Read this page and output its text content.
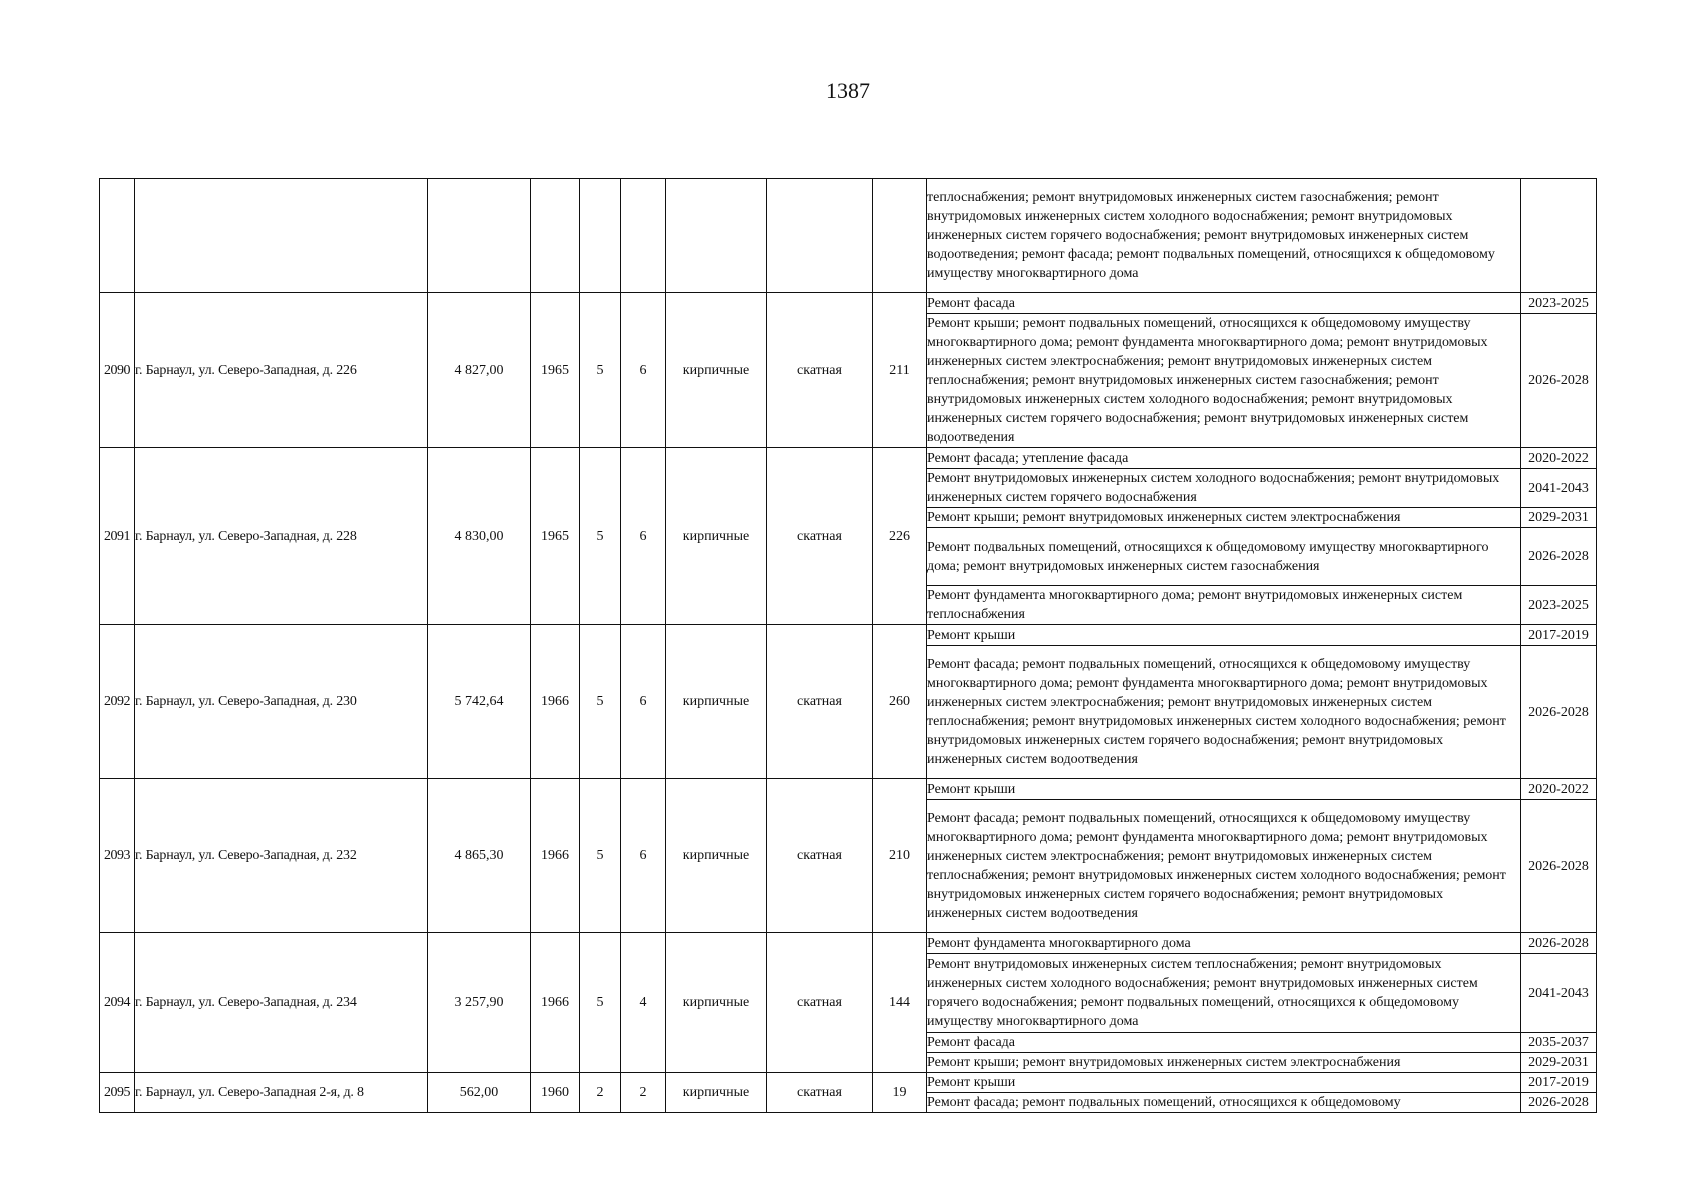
1387
									теплоснабжения; ремонт внутридомовых инженерных систем газоснабжения; ремонт внутридомовых инженерных систем холодного водоснабжения; ремонт внутридомовых инженерных систем горячего водоснабжения; ремонт внутридомовых инженерных систем водоотведения; ремонт фасада; ремонт подвальных помещений, относящихся к общедомовому имуществу многоквартирного дома	
2090	г. Барнаул, ул. Северо-Западная, д. 226	4 827,00	1965	5	6	кирпичные	скатная	211	Ремонт фасада	2023-2025
									Ремонт крыши; ремонт подвальных помещений, относящихся к общедомовому имуществу многоквартирного дома; ремонт фундамента многоквартирного дома; ремонт внутридомовых инженерных систем электроснабжения; ремонт внутридомовых инженерных систем теплоснабжения; ремонт внутридомовых инженерных систем газоснабжения; ремонт внутридомовых инженерных систем холодного водоснабжения; ремонт внутридомовых инженерных систем горячего водоснабжения; ремонт внутридомовых инженерных систем водоотведения	2026-2028
2091	г. Барнаул, ул. Северо-Западная, д. 228	4 830,00	1965	5	6	кирпичные	скатная	226	Ремонт фасада; утепление фасада	2020-2022
									Ремонт внутридомовых инженерных систем холодного водоснабжения; ремонт внутридомовых инженерных систем горячего водоснабжения	2041-2043
									Ремонт крыши; ремонт внутридомовых инженерных систем электроснабжения	2029-2031
									Ремонт подвальных помещений, относящихся к общедомовому имуществу многоквартирного дома; ремонт внутридомовых инженерных систем газоснабжения	2026-2028
									Ремонт фундамента многоквартирного дома; ремонт внутридомовых инженерных систем теплоснабжения	2023-2025
2092	г. Барнаул, ул. Северо-Западная, д. 230	5 742,64	1966	5	6	кирпичные	скатная	260	Ремонт крыши	2017-2019
									Ремонт фасада; ремонт подвальных помещений, относящихся к общедомовому имуществу многоквартирного дома; ремонт фундамента многоквартирного дома; ремонт внутридомовых инженерных систем электроснабжения; ремонт внутридомовых инженерных систем теплоснабжения; ремонт внутридомовых инженерных систем холодного водоснабжения; ремонт внутридомовых инженерных систем горячего водоснабжения; ремонт внутридомовых инженерных систем водоотведения	2026-2028
2093	г. Барнаул, ул. Северо-Западная, д. 232	4 865,30	1966	5	6	кирпичные	скатная	210	Ремонт крыши	2020-2022
									Ремонт фасада; ремонт подвальных помещений, относящихся к общедомовому имуществу многоквартирного дома; ремонт фундамента многоквартирного дома; ремонт внутридомовых инженерных систем электроснабжения; ремонт внутридомовых инженерных систем теплоснабжения; ремонт внутридомовых инженерных систем холодного водоснабжения; ремонт внутридомовых инженерных систем горячего водоснабжения; ремонт внутридомовых инженерных систем водоотведения	2026-2028
2094	г. Барнаул, ул. Северо-Западная, д. 234	3 257,90	1966	5	4	кирпичные	скатная	144	Ремонт фундамента многоквартирного дома	2026-2028
									Ремонт внутридомовых инженерных систем теплоснабжения; ремонт внутридомовых инженерных систем холодного водоснабжения; ремонт внутридомовых инженерных систем горячего водоснабжения; ремонт подвальных помещений, относящихся к общедомовому имуществу многоквартирного дома	2041-2043
									Ремонт фасада	2035-2037
									Ремонт крыши; ремонт внутридомовых инженерных систем электроснабжения	2029-2031
2095	г. Барнаул, ул. Северо-Западная 2-я, д. 8	562,00	1960	2	2	кирпичные	скатная	19	Ремонт крыши	2017-2019
									Ремонт фасада; ремонт подвальных помещений, относящихся к общедомовому	2026-2028
